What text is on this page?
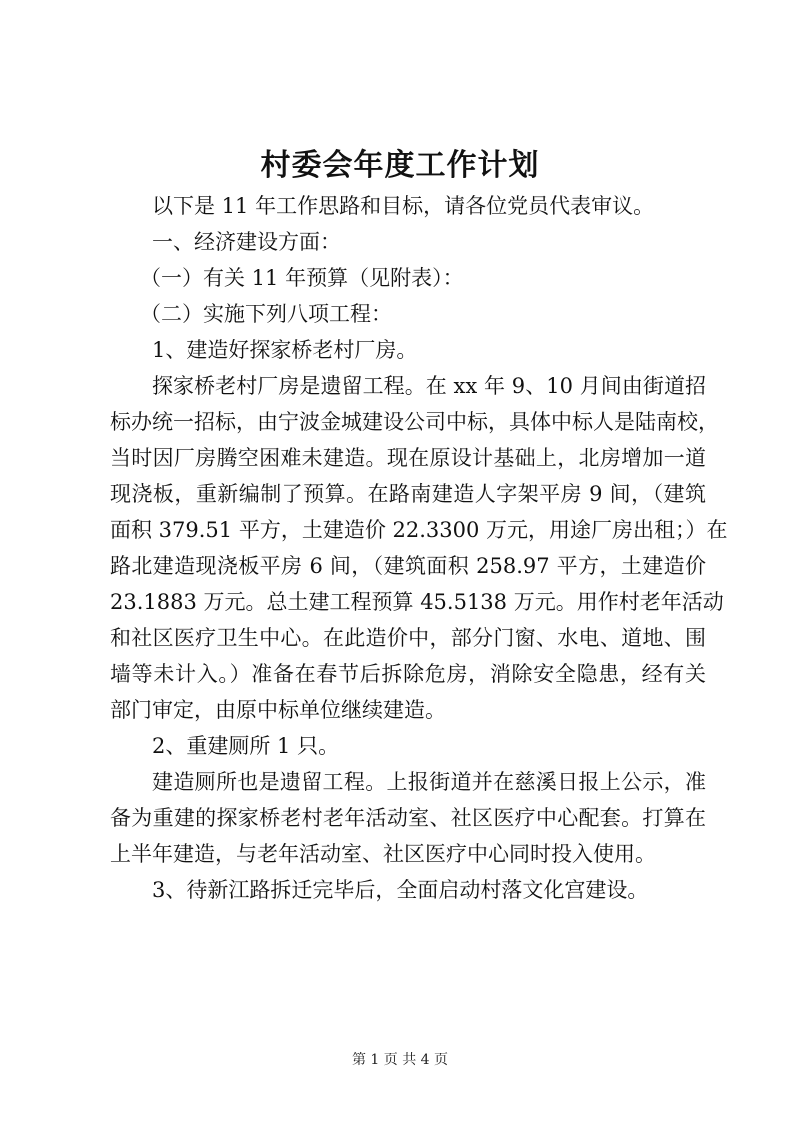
村委会年度工作计划
以下是 11 年工作思路和目标，请各位党员代表审议。
一、经济建设方面：
（一）有关 11 年预算（见附表）：
（二）实施下列八项工程：
1、建造好探家桥老村厂房。
探家桥老村厂房是遗留工程。在 xx 年 9、10 月间由街道招
标办统一招标，由宁波金城建设公司中标，具体中标人是陆南校，
当时因厂房腾空困难未建造。现在原设计基础上，北房增加一道
现浇板，重新编制了预算。在路南建造人字架平房 9 间，（建筑
面积 379.51 平方，土建造价 22.3300 万元，用途厂房出租；）在
路北建造现浇板平房 6 间，（建筑面积 258.97 平方，土建造价
23.1883 万元。总土建工程预算 45.5138 万元。用作村老年活动
和社区医疗卫生中心。在此造价中，部分门窗、水电、道地、围
墙等未计入。）准备在春节后拆除危房，消除安全隐患，经有关
部门审定，由原中标单位继续建造。
2、重建厕所 1 只。
建造厕所也是遗留工程。上报街道并在慈溪日报上公示，准
备为重建的探家桥老村老年活动室、社区医疗中心配套。打算在
上半年建造，与老年活动室、社区医疗中心同时投入使用。
3、待新江路拆迁完毕后，全面启动村落文化宫建设。
第 1 页 共 4 页
